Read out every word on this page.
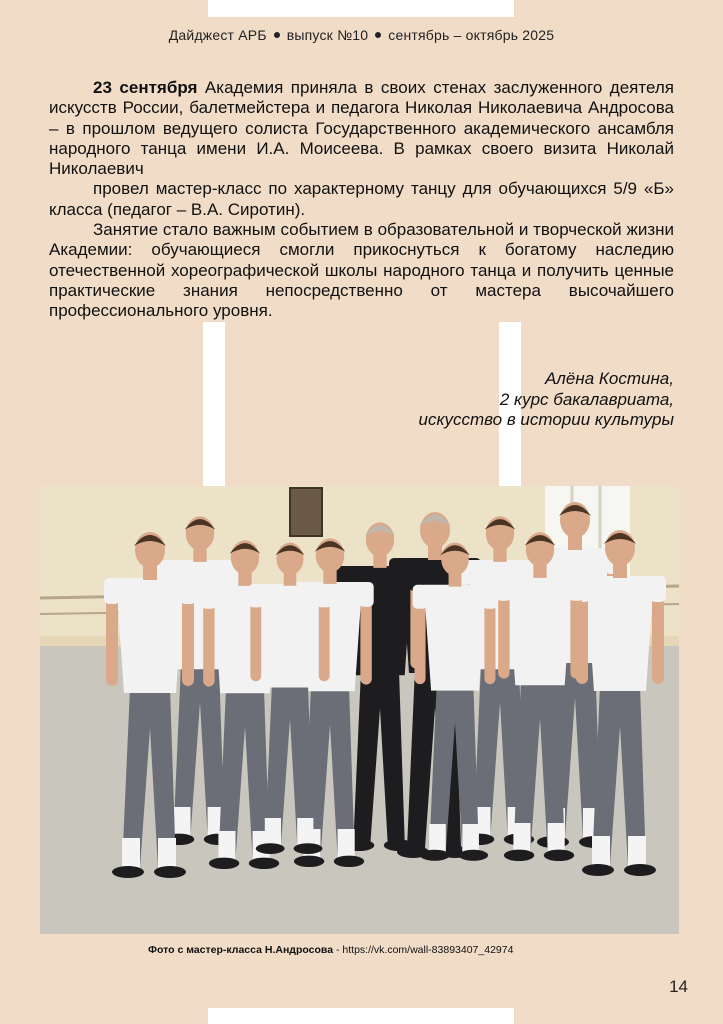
Дайджест АРБ выпуск №10 сентябрь – октябрь 2025

23 сентября Академия приняла в своих стенах заслуженного деятеля искусств России, балетмейстера и педагога Николая Николаевича Андросова – в прошлом ведущего солиста Государственного академического ансамбля народного танца имени И.А. Моисеева. В рамках своего визита Николай Николаевич

провел мастер-класс по характерному танцу для обучающихся 5/9 «Б» класса (педагог – В.А. Сиротин).

Занятие стало важным событием в образовательной и творческой жизни Академии: обучающиеся смогли прикоснуться к богатому наследию отечественной хореографической школы народного танца и получить ценные практические знания непосредственно от мастера высочайшего профессионального уровня.

Алёна Костина,
2 курс бакалавриата,
искусство в истории культуры
Фото с мастер-класса Н.Андросова - https://vk.com/wall-83893407_42974
14
